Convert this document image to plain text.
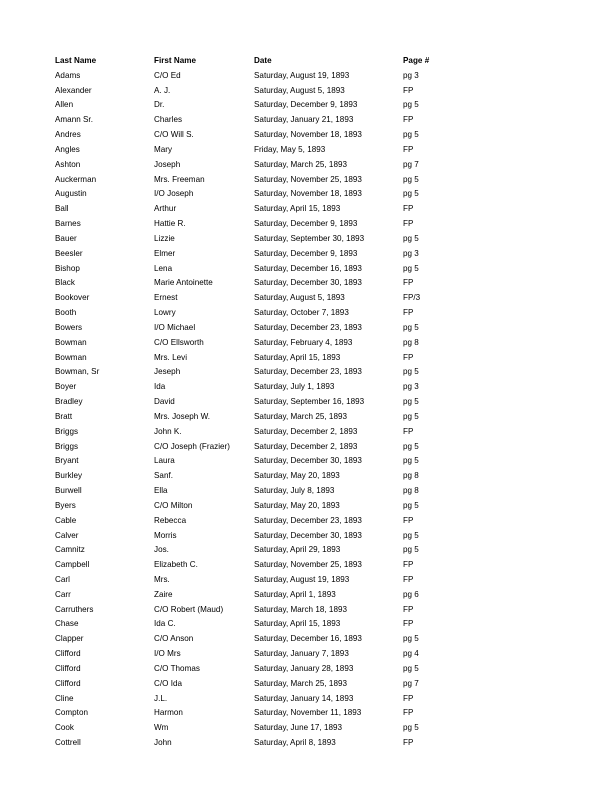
Last Name	First Name	Date	Page #
Adams	C/O Ed	Saturday, August 19, 1893	pg 3
Alexander	A. J.	Saturday, August 5, 1893	FP
Allen	Dr.	Saturday, December 9, 1893	pg 5
Amann Sr.	Charles	Saturday, January 21, 1893	FP
Andres	C/O Will S.	Saturday, November 18, 1893	pg 5
Angles	Mary	Friday, May 5, 1893	FP
Ashton	Joseph	Saturday, March 25, 1893	pg 7
Auckerman	Mrs. Freeman	Saturday, November 25, 1893	pg 5
Augustin	I/O Joseph	Saturday, November 18, 1893	pg 5
Ball	Arthur	Saturday, April 15, 1893	FP
Barnes	Hattie R.	Saturday, December 9, 1893	FP
Bauer	Lizzie	Saturday, September 30, 1893	pg 5
Beesler	Elmer	Saturday, December 9, 1893	pg 3
Bishop	Lena	Saturday, December 16, 1893	pg 5
Black	Marie Antoinette	Saturday, December 30, 1893	FP
Bookover	Ernest	Saturday, August 5, 1893	FP/3
Booth	Lowry	Saturday, October 7, 1893	FP
Bowers	I/O Michael	Saturday, December 23, 1893	pg 5
Bowman	C/O Ellsworth	Saturday, February 4, 1893	pg 8
Bowman	Mrs. Levi	Saturday, April 15, 1893	FP
Bowman, Sr	Jeseph	Saturday, December 23, 1893	pg 5
Boyer	Ida	Saturday, July 1, 1893	pg 3
Bradley	David	Saturday, September 16, 1893	pg 5
Bratt	Mrs. Joseph W.	Saturday, March 25, 1893	pg 5
Briggs	John K.	Saturday, December 2, 1893	FP
Briggs	C/O Joseph (Frazier)	Saturday, December 2, 1893	pg 5
Bryant	Laura	Saturday, December 30, 1893	pg 5
Burkley	Sanf.	Saturday, May 20, 1893	pg 8
Burwell	Ella	Saturday, July 8, 1893	pg 8
Byers	C/O Milton	Saturday, May 20, 1893	pg 5
Cable	Rebecca	Saturday, December 23, 1893	FP
Calver	Morris	Saturday, December 30, 1893	pg 5
Camnitz	Jos.	Saturday, April 29, 1893	pg 5
Campbell	Elizabeth C.	Saturday, November 25, 1893	FP
Carl	Mrs.	Saturday, August 19, 1893	FP
Carr	Zaire	Saturday, April 1, 1893	pg 6
Carruthers	C/O Robert (Maud)	Saturday, March 18, 1893	FP
Chase	Ida C.	Saturday, April 15, 1893	FP
Clapper	C/O Anson	Saturday, December 16, 1893	pg 5
Clifford	I/O Mrs	Saturday, January 7, 1893	pg 4
Clifford	C/O Thomas	Saturday, January 28, 1893	pg 5
Clifford	C/O Ida	Saturday, March 25, 1893	pg 7
Cline	J.L.	Saturday, January 14, 1893	FP
Compton	Harmon	Saturday, November 11, 1893	FP
Cook	Wm	Saturday, June 17, 1893	pg 5
Cottrell	John	Saturday, April 8, 1893	FP
